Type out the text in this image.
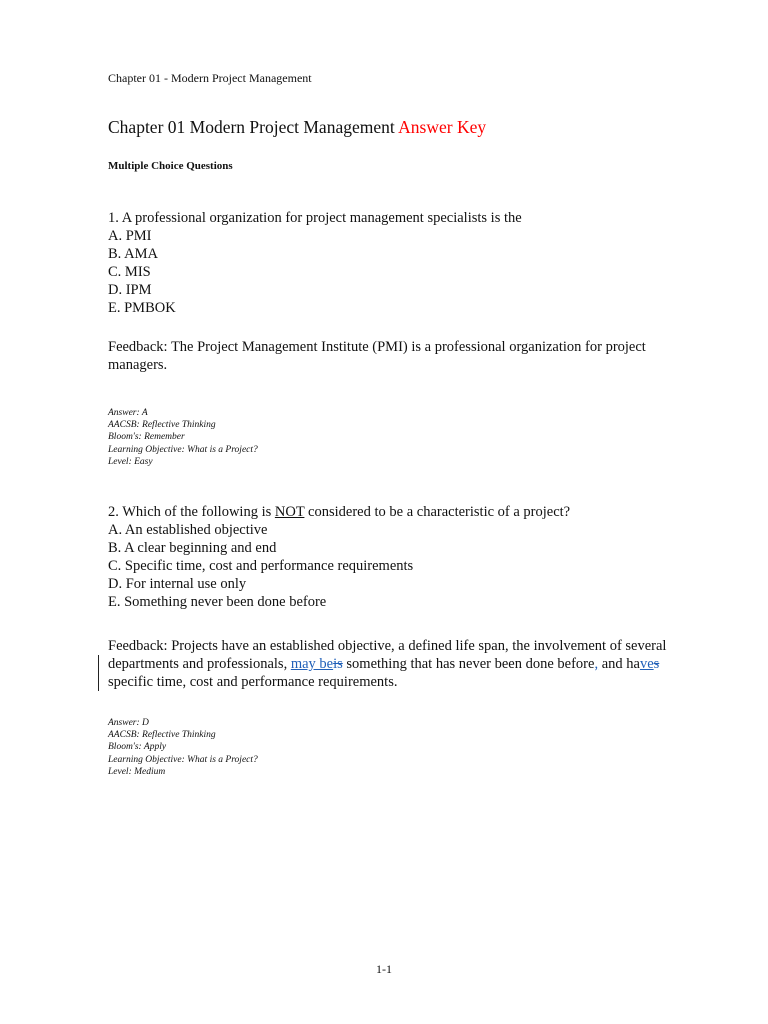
Chapter 01 - Modern Project Management
Chapter 01 Modern Project Management Answer Key
Multiple Choice Questions
1. A professional organization for project management specialists is the
A. PMI
B. AMA
C. MIS
D. IPM
E. PMBOK
Feedback: The Project Management Institute (PMI) is a professional organization for project managers.
Answer: A
AACSB: Reflective Thinking
Bloom's: Remember
Learning Objective: What is a Project?
Level: Easy
2. Which of the following is NOT considered to be a characteristic of a project?
A. An established objective
B. A clear beginning and end
C. Specific time, cost and performance requirements
D. For internal use only
E. Something never been done before
Feedback: Projects have an established objective, a defined life span, the involvement of several departments and professionals, may beis something that has never been done before, and haves specific time, cost and performance requirements.
Answer: D
AACSB: Reflective Thinking
Bloom's: Apply
Learning Objective: What is a Project?
Level: Medium
1-1
